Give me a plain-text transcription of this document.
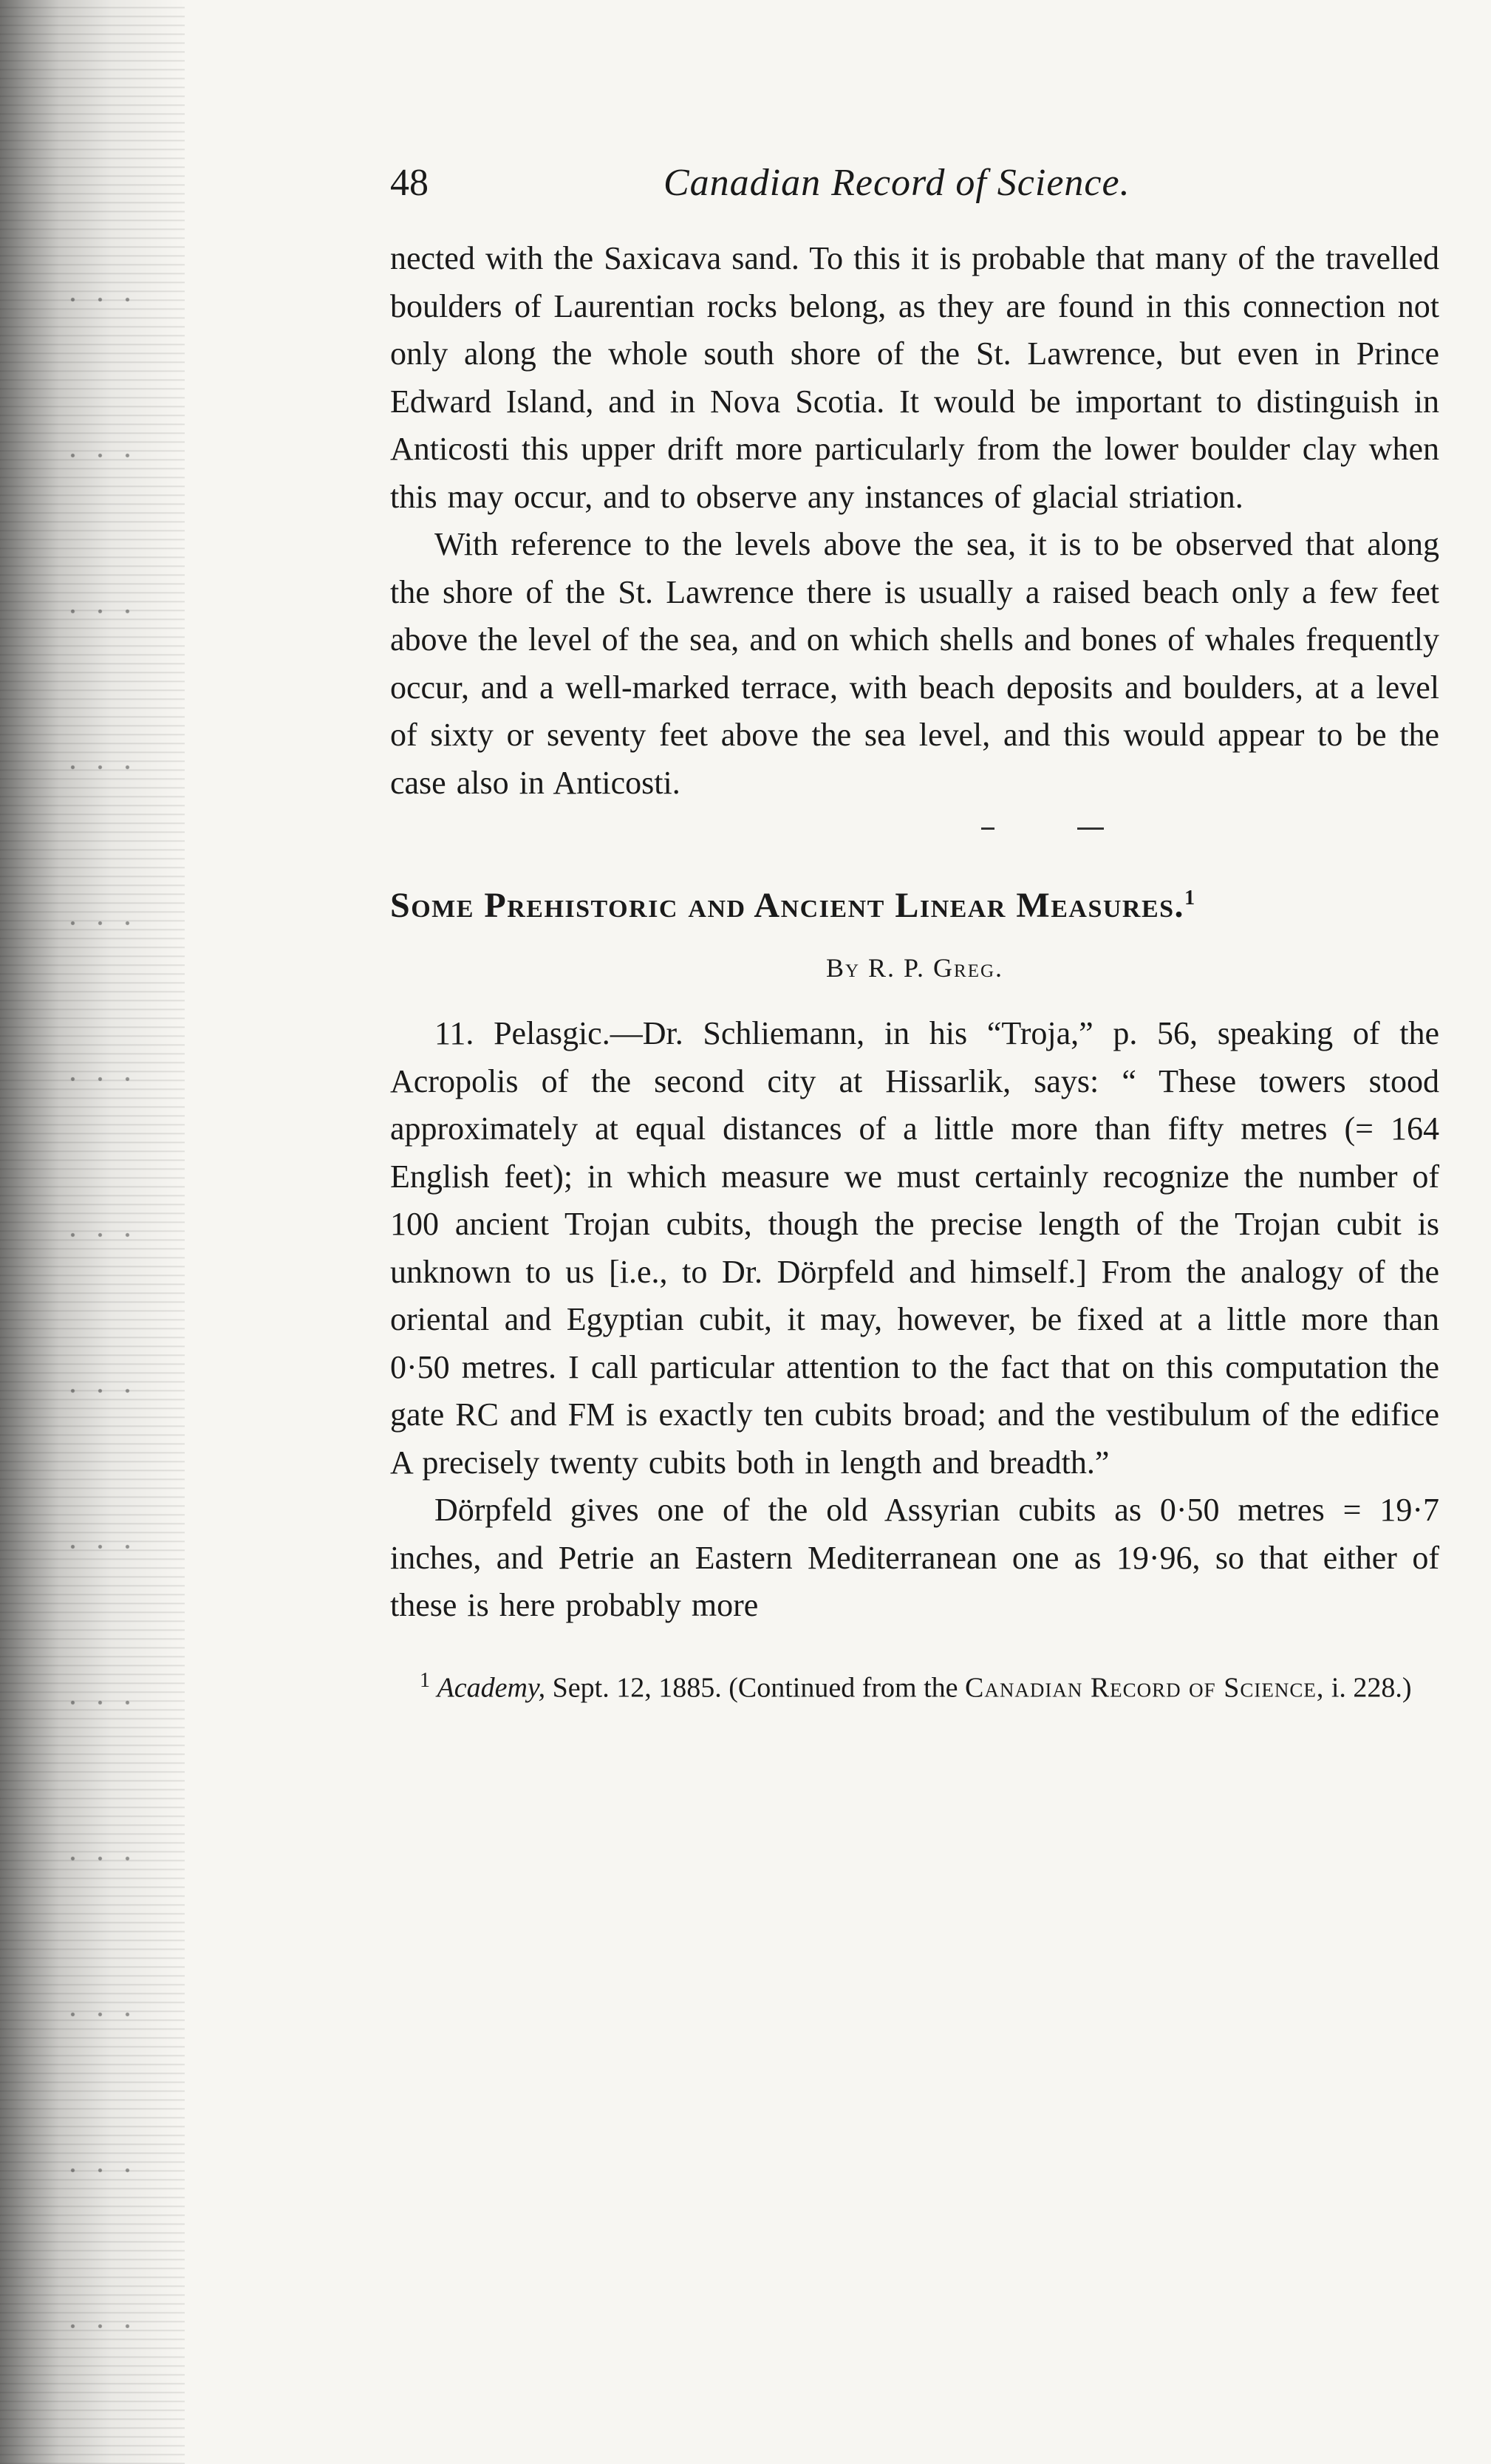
48	Canadian Record of Science.

nected with the Saxicava sand. To this it is probable that many of the travelled boulders of Laurentian rocks belong, as they are found in this connection not only along the whole south shore of the St. Lawrence, but even in Prince Edward Island, and in Nova Scotia. It would be important to distinguish in Anticosti this upper drift more particularly from the lower boulder clay when this may occur, and to observe any instances of glacial striation.

With reference to the levels above the sea, it is to be observed that along the shore of the St. Lawrence there is usually a raised beach only a few feet above the level of the sea, and on which shells and bones of whales frequently occur, and a well-marked terrace, with beach deposits and boulders, at a level of sixty or seventy feet above the sea level, and this would appear to be the case also in Anticosti.

Some Prehistoric and Ancient Linear Measures.$^1$
By R. P. Greg.

11. Pelasgic.—Dr. Schliemann, in his “Troja,” p. 56, speaking of the Acropolis of the second city at Hissarlik, says: “ These towers stood approximately at equal distances of a little more than fifty metres (= 164 English feet); in which measure we must certainly recognize the number of 100 ancient Trojan cubits, though the precise length of the Trojan cubit is unknown to us [i.e., to Dr. Dörpfeld and himself.] From the analogy of the oriental and Egyptian cubit, it may, however, be fixed at a little more than 0·50 metres. I call particular attention to the fact that on this computation the gate RC and FM is exactly ten cubits broad; and the vestibulum of the edifice A precisely twenty cubits both in length and breadth.”

Dörpfeld gives one of the old Assyrian cubits as 0·50 metres = 19·7 inches, and Petrie an Eastern Mediterranean one as 19·96, so that either of these is here probably more

$^1$ Academy, Sept. 12, 1885. (Continued from the Canadian Record of Science, i. 228.)
